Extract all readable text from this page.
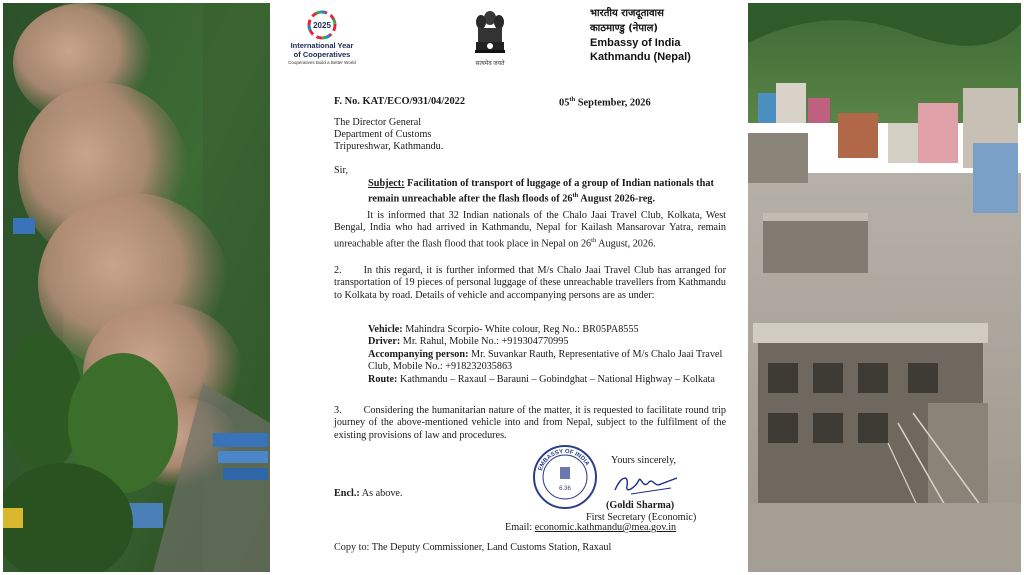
2025
International Year
of Cooperatives
Cooperatives Build a Better World	सत्यमेव जयते
भारतीय राजदूतावास
काठमाण्डु (नेपाल)
Embassy of India
Kathmandu (Nepal)
F. No. KAT/ECO/931/04/2022	05th September, 2026
The Director General
Department of Customs
Tripureshwar, Kathmandu.
Sir,
Subject: Facilitation of transport of luggage of a group of Indian nationals that remain unreachable after the flash floods of 26th August 2026-reg.
It is informed that 32 Indian nationals of the Chalo Jaai Travel Club, Kolkata, West Bengal, India who had arrived in Kathmandu, Nepal for Kailash Mansarovar Yatra, remain unreachable after the flash flood that took place in Nepal on 26th August, 2026.
2. In this regard, it is further informed that M/s Chalo Jaai Travel Club has arranged for transportation of 19 pieces of personal luggage of these unreachable travellers from Kathmandu to Kolkata by road. Details of vehicle and accompanying persons are as under:
Vehicle: Mahindra Scorpio- White colour, Reg No.: BR05PA8555
Driver: Mr. Rahul, Mobile No.: +919304770995
Accompanying person: Mr. Suvankar Rauth, Representative of M/s Chalo Jaai Travel Club, Mobile No.: +918232035863
Route: Kathmandu – Raxaul – Barauni – Gobindghat – National Highway – Kolkata
3. Considering the humanitarian nature of the matter, it is requested to facilitate round trip journey of the above-mentioned vehicle into and from Nepal, subject to the fulfilment of the existing provisions of law and procedures.
EMBASSY OF INDIA
6.36
Yours sincerely,
Goldi
(Goldi Sharma)
First Secretary (Economic)
Encl.: As above.
Email: economic.kathmandu@mea.gov.in
Copy to: The Deputy Commissioner, Land Customs Station, Raxaul
